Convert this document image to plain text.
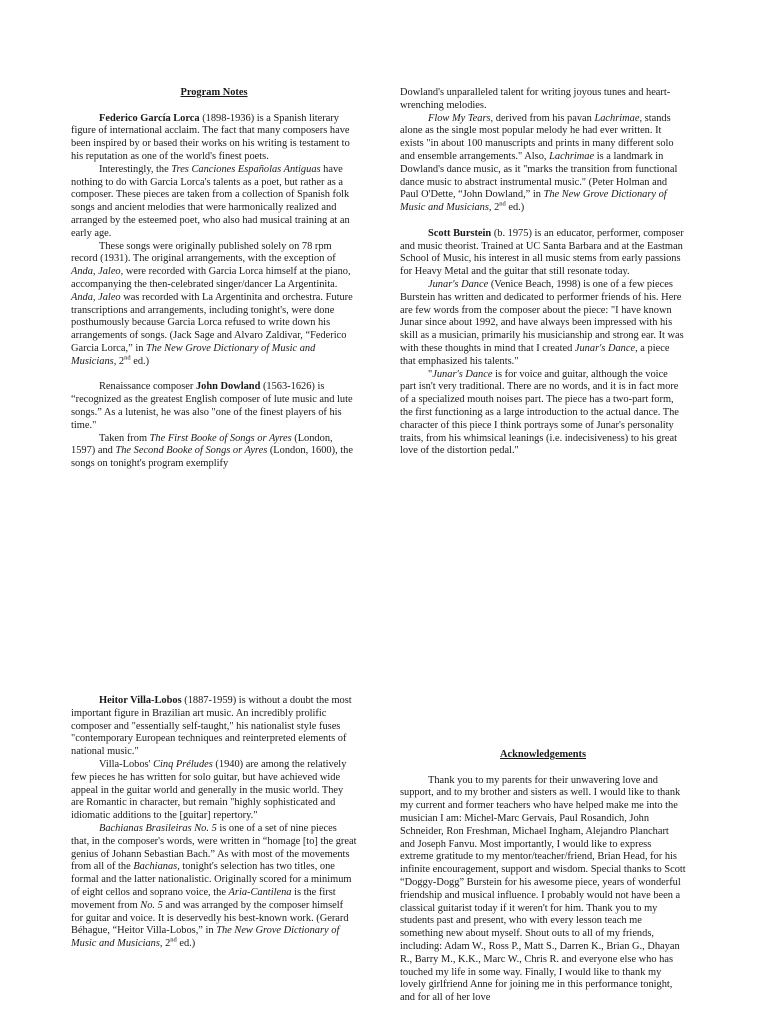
Program Notes

Federico García Lorca (1898-1936) is a Spanish literary figure of international acclaim. The fact that many composers have been inspired by or based their works on his writing is testament to his reputation as one of the world's finest poets.

Interestingly, the Tres Canciones Españolas Antiguas have nothing to do with Garcia Lorca's talents as a poet, but rather as a composer. These pieces are taken from a collection of Spanish folk songs and ancient melodies that were harmonically realized and arranged by the esteemed poet, who also had musical training at an early age.

These songs were originally published solely on 78 rpm record (1931). The original arrangements, with the exception of Anda, Jaleo, were recorded with Garcia Lorca himself at the piano, accompanying the then-celebrated singer/dancer La Argentinita. Anda, Jaleo was recorded with La Argentinita and orchestra. Future transcriptions and arrangements, including tonight's, were done posthumously because Garcia Lorca refused to write down his arrangements of songs. (Jack Sage and Alvaro Zaldivar, “Federico Garcia Lorca,” in The New Grove Dictionary of Music and Musicians, 2nd ed.)

Renaissance composer John Dowland (1563-1626) is “recognized as the greatest English composer of lute music and lute songs.” As a lutenist, he was also "one of the finest players of his time."

Taken from The First Booke of Songs or Ayres (London, 1597) and The Second Booke of Songs or Ayres (London, 1600), the songs on tonight's program exemplify

Dowland's unparalleled talent for writing joyous tunes and heart-wrenching melodies.

Flow My Tears, derived from his pavan Lachrimae, stands alone as the single most popular melody he had ever written. It exists "in about 100 manuscripts and prints in many different solo and ensemble arrangements." Also, Lachrimae is a landmark in Dowland's dance music, as it "marks the transition from functional dance music to abstract instrumental music." (Peter Holman and Paul O'Dette, “John Dowland,” in The New Grove Dictionary of Music and Musicians, 2nd ed.)

Scott Burstein (b. 1975) is an educator, performer, composer and music theorist. Trained at UC Santa Barbara and at the Eastman School of Music, his interest in all music stems from early passions for Heavy Metal and the guitar that still resonate today.

Junar's Dance (Venice Beach, 1998) is one of a few pieces Burstein has written and dedicated to performer friends of his. Here are few words from the composer about the piece: "I have known Junar since about 1992, and have always been impressed with his skill as a musician, primarily his musicianship and strong ear. It was with these thoughts in mind that I created Junar's Dance, a piece that emphasized his talents."

"Junar's Dance is for voice and guitar, although the voice part isn't very traditional. There are no words, and it is in fact more of a specialized mouth noises part. The piece has a two-part form, the first functioning as a large introduction to the actual dance. The character of this piece I think portrays some of Junar's personality traits, from his whimsical leanings (i.e. indecisiveness) to his great love of the distortion pedal."

Heitor Villa-Lobos (1887-1959) is without a doubt the most important figure in Brazilian art music. An incredibly prolific composer and "essentially self-taught," his nationalist style fuses "contemporary European techniques and reinterpreted elements of national music."

Villa-Lobos' Cinq Préludes (1940) are among the relatively few pieces he has written for solo guitar, but have achieved wide appeal in the guitar world and generally in the music world. They are Romantic in character, but remain "highly sophisticated and idiomatic additions to the [guitar] repertory."

Bachianas Brasileiras No. 5 is one of a set of nine pieces that, in the composer's words, were written in “homage [to] the great genius of Johann Sebastian Bach.” As with most of the movements from all of the Bachianas, tonight's selection has two titles, one formal and the latter nationalistic. Originally scored for a minimum of eight cellos and soprano voice, the Aria-Cantilena is the first movement from No. 5 and was arranged by the composer himself for guitar and voice. It is deservedly his best-known work. (Gerard Béhague, “Heitor Villa-Lobos,” in The New Grove Dictionary of Music and Musicians, 2nd ed.)

Acknowledgements

Thank you to my parents for their unwavering love and support, and to my brother and sisters as well. I would like to thank my current and former teachers who have helped make me into the musician I am: Michel-Marc Gervais, Paul Rosandich, John Schneider, Ron Freshman, Michael Ingham, Alejandro Planchart and Joseph Fanvu. Most importantly, I would like to express extreme gratitude to my mentor/teacher/friend, Brian Head, for his infinite encouragement, support and wisdom. Special thanks to Scott “Doggy-Dogg” Burstein for his awesome piece, years of wonderful friendship and musical influence. I probably would not have been a classical guitarist today if it weren't for him. Thank you to my students past and present, who with every lesson teach me something new about myself. Shout outs to all of my friends, including: Adam W., Ross P., Matt S., Darren K., Brian G., Dhayan R., Barry M., K.K., Marc W., Chris R. and everyone else who has touched my life in some way. Finally, I would like to thank my lovely girlfriend Anne for joining me in this performance tonight, and for all of her love
